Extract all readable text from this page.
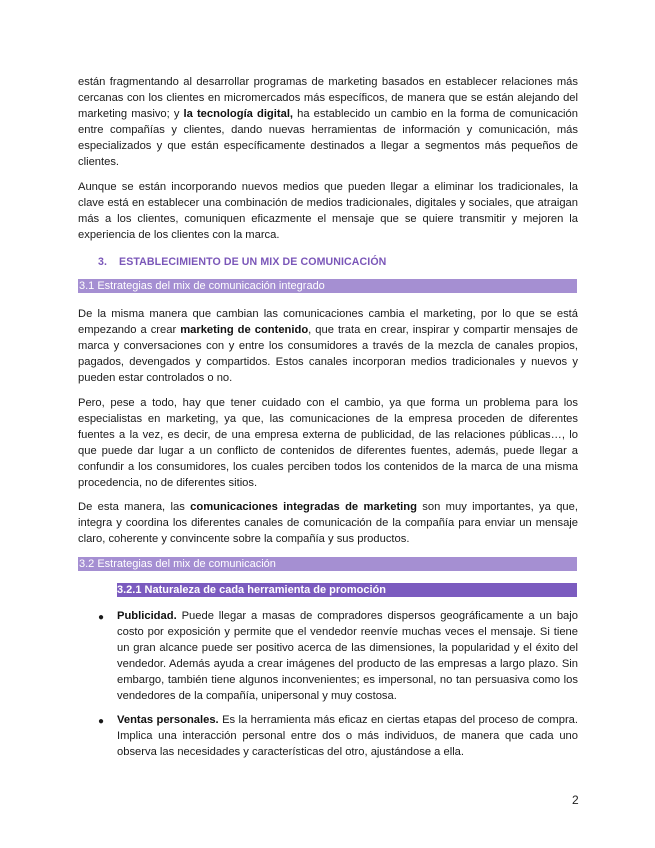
están fragmentando al desarrollar programas de marketing basados en establecer relaciones más cercanas con los clientes en micromercados más específicos, de manera que se están alejando del marketing masivo; y la tecnología digital, ha establecido un cambio en la forma de comunicación entre compañías y clientes, dando nuevas herramientas de información y comunicación, más especializados y que están específicamente destinados a llegar a segmentos más pequeños de clientes.

Aunque se están incorporando nuevos medios que pueden llegar a eliminar los tradicionales, la clave está en establecer una combinación de medios tradicionales, digitales y sociales, que atraigan más a los clientes, comuniquen eficazmente el mensaje que se quiere transmitir y mejoren la experiencia de los clientes con la marca.

3. ESTABLECIMIENTO DE UN MIX DE COMUNICACIÓN
3.1 Estrategias del mix de comunicación integrado

De la misma manera que cambian las comunicaciones cambia el marketing, por lo que se está empezando a crear marketing de contenido, que trata en crear, inspirar y compartir mensajes de marca y conversaciones con y entre los consumidores a través de la mezcla de canales propios, pagados, devengados y compartidos. Estos canales incorporan medios tradicionales y nuevos y pueden estar controlados o no.

Pero, pese a todo, hay que tener cuidado con el cambio, ya que forma un problema para los especialistas en marketing, ya que, las comunicaciones de la empresa proceden de diferentes fuentes a la vez, es decir, de una empresa externa de publicidad, de las relaciones públicas…, lo que puede dar lugar a un conflicto de contenidos de diferentes fuentes, además, puede llegar a confundir a los consumidores, los cuales perciben todos los contenidos de la marca de una misma procedencia, no de diferentes sitios.

De esta manera, las comunicaciones integradas de marketing son muy importantes, ya que, integra y coordina los diferentes canales de comunicación de la compañía para enviar un mensaje claro, coherente y convincente sobre la compañía y sus productos.

3.2 Estrategias del mix de comunicación
3.2.1 Naturaleza de cada herramienta de promoción
● Publicidad. Puede llegar a masas de compradores dispersos geográficamente a un bajo costo por exposición y permite que el vendedor reenvíe muchas veces el mensaje. Si tiene un gran alcance puede ser positivo acerca de las dimensiones, la popularidad y el éxito del vendedor. Además ayuda a crear imágenes del producto de las empresas a largo plazo. Sin embargo, también tiene algunos inconvenientes; es impersonal, no tan persuasiva como los vendedores de la compañía, unipersonal y muy costosa.

● Ventas personales. Es la herramienta más eficaz en ciertas etapas del proceso de compra. Implica una interacción personal entre dos o más individuos, de manera que cada uno observa las necesidades y características del otro, ajustándose a ella.

2
